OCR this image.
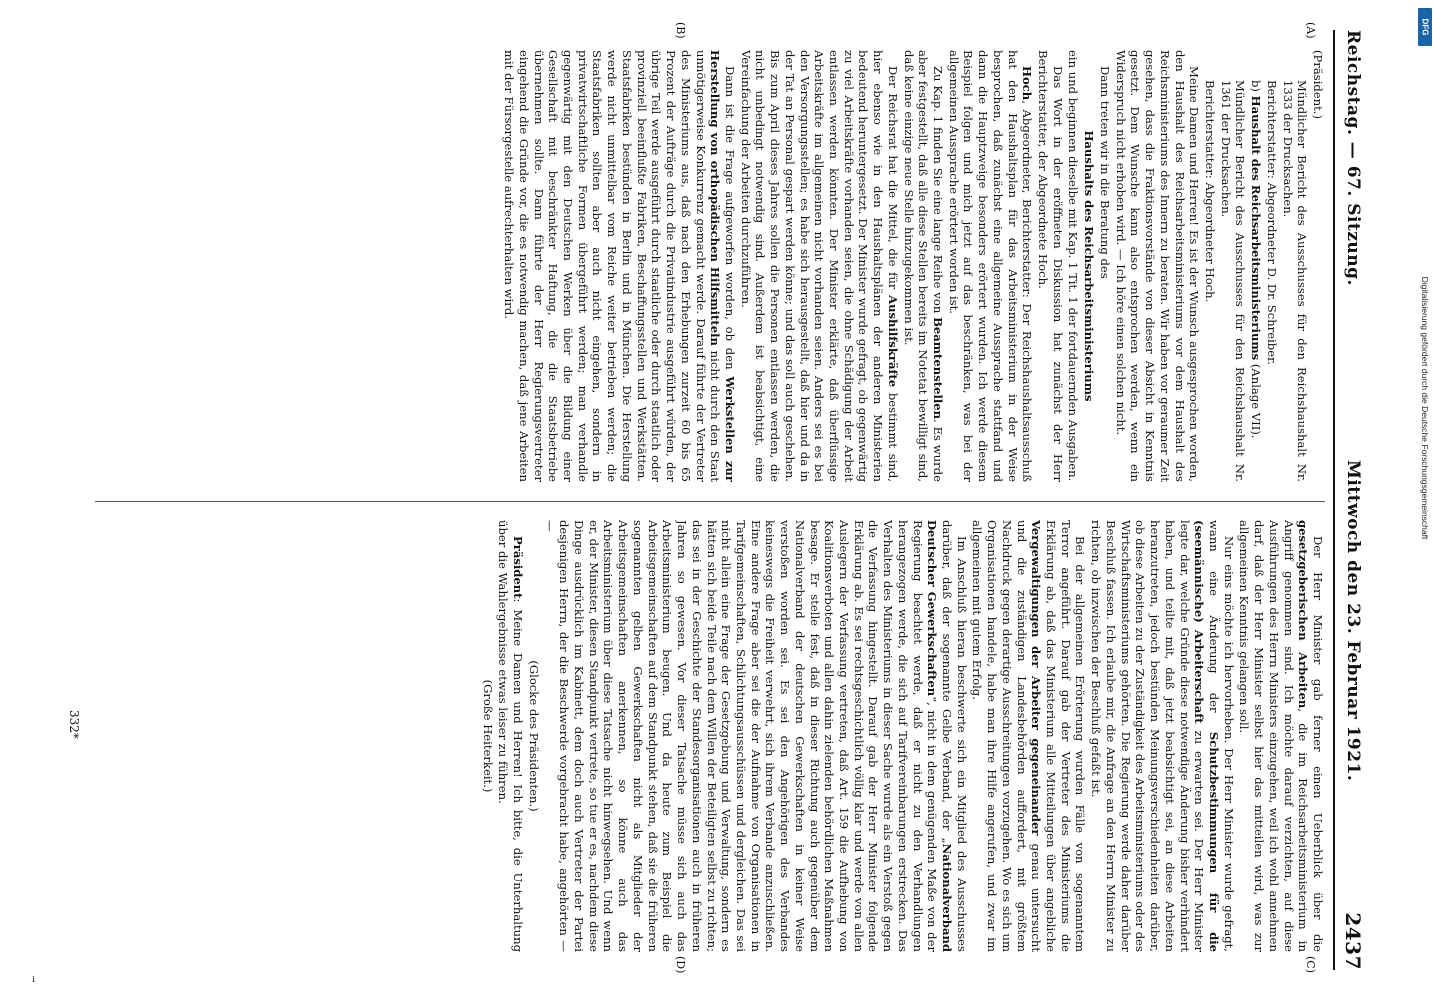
Reichstag. — 67. Sitzung.
Mittwoch den 23. Februar 1921.
2437
(A)
(B)
(C)
(D)

(Präsident.)

Mündlicher Bericht des Ausschusses für den Reichshaushalt Nr. 1333 der Drucksachen.

Berichterstatter: Abgeordneter D. Dr. Schreiber.

b) Haushalt des Reichsarbeitsministeriums (Anlage VII).

Mündlicher Bericht des Ausschusses für den Reichshaushalt Nr. 1361 der Drucksachen.

Berichterstatter: Abgeordneter Hoch.

Meine Damen und Herren! Es ist der Wunsch ausgesprochen worden, den Haushalt des Reichsarbeitsministeriums vor dem Haushalt des Reichsministeriums des Innern zu beraten. Wir haben vor geraumer Zeit gesehen, dass die Fraktionsvorstände von dieser Absicht in Kenntnis gesetzt. Dem Wunsche kann also entsprochen werden, wenn ein Widerspruch nicht erhoben wird. — Ich höre einen solchen nicht.

Dann treten wir in die Beratung des

Haushalts des Reichsarbeitsministeriums

ein und beginnen dieselbe mit Kap. 1 Tit. 1 der fortdauernden Ausgaben.

Das Wort in der eröffneten Diskussion hat zunächst der Herr Berichterstatter, der Abgeordnete Hoch.

Hoch, Abgeordneter, Berichterstatter: Der Reichshaushaltsausschuß hat den Haushaltsplan für das Arbeitsministerium in der Weise besprochen, daß zunächst eine allgemeine Aussprache stattfand und dann die Hauptzweige besonders erörtert wurden. Ich werde diesem Beispiel folgen und mich jetzt auf das beschränken, was bei der allgemeinen Aussprache erörtert worden ist.

Zu Kap. 1 finden Sie eine lange Reihe von Beamtenstellen. Es wurde aber festgestellt, daß alle diese Stellen bereits im Notetat bewilligt sind, daß keine einzige neue Stelle hinzugekommen ist.

Der Reichsrat hat die Mittel, die für Aushilfskräfte bestimmt sind, hier ebenso wie in den Haushaltsplänen der anderen Ministerien bedeutend heruntergesetzt. Der Minister wurde gefragt, ob gegenwärtig zu viel Arbeitskräfte vorhanden seien, die ohne Schädigung der Arbeit entlassen werden könnten. Der Minister erklärte, daß überflüssige Arbeitskräfte im allgemeinen nicht vorhanden seien. Anders sei es bei den Versorgungsstellen; es habe sich herausgestellt, daß hier und da in der Tat an Personal gespart werden könne; und das soll auch geschehen. Bis zum April dieses Jahres sollen die Personen entlassen werden, die nicht unbedingt notwendig sind. Außerdem ist beabsichtigt, eine Vereinfachung der Arbeiten durchzuführen.

Dann ist die Frage aufgeworfen worden, ob den Werkstellen zur Herstellung von orthopädischen Hilfsmitteln nicht durch den Staat unnötigerweise Konkurrenz gemacht werde. Darauf führte der Vertreter des Ministeriums aus, daß nach den Erhebungen zurzeit 60 bis 65 Prozent der Aufträge durch die Privatindustrie ausgeführt würden, der übrige Teil werde ausgeführt durch staatliche oder durch staatlich oder provinziell beeinflußte Fabriken, Beschaffungsstellen und Werkstätten. Staatsfabriken bestünden in Berlin und in München. Die Herstellung werde nicht unmittelbar vom Reiche weiter betrieben werden; die Staatsfabriken sollten aber auch nicht eingehen, sondern in privatwirtschaftliche Formen übergeführt werden; man verhandle gegenwärtig mit den Deutschen Werken über die Bildung einer Gesellschaft mit beschränkter Haftung, die die Staatsbetriebe übernehmen sollte. Dann führte der Herr Regierungsvertreter eingehend die Gründe vor, die es notwendig machen, daß jene Arbeiten mit der Fürsorgestelle aufrechterhalten wird.

Der Herr Minister gab ferner einen Ueberblick über die gesetzgeberischen Arbeiten, die im Reichsarbeitsministerium in Angriff genommen sind. Ich möchte darauf verzichten, auf diese Ausführungen des Herrn Ministers einzugehen, weil ich wohl annehmen darf, daß der Herr Minister selbst hier das mitteilen wird, was zur allgemeinen Kenntnis gelangen soll.

Nur eins möchte ich hervorheben. Der Herr Minister wurde gefragt, wann eine Änderung der Schutzbestimmungen für die (seemännische) Arbeiterschaft zu erwarten sei. Der Herr Minister legte dar, welche Gründe diese notwendige Änderung bisher verhindert haben, und teilte mit, daß jetzt beabsichtigt sei, an diese Arbeiten heranzutreten, jedoch bestünden Meinungsverschiedenheiten darüber, ob diese Arbeiten zu der Zuständigkeit des Arbeitsministeriums oder des Wirtschaftsministeriums gehörten. Die Regierung werde daher darüber Beschluß fassen. Ich erlaube mir, die Anfrage an den Herrn Minister zu richten, ob inzwischen der Beschluß gefaßt ist.

Bei der allgemeinen Erörterung wurden Fälle von sogenanntem Terror angeführt. Darauf gab der Vertreter des Ministeriums die Erklärung ab, daß das Ministerium alle Mitteilungen über angebliche Vergewaltigungen der Arbeiter gegeneinander genau untersucht und die zuständigen Landesbehörden auffordert, mit größtem Nachdruck gegen derartige Ausschreitungen vorzugehen. Wo es sich um Organisationen handele, habe man ihre Hilfe angerufen, und zwar im allgemeinen mit gutem Erfolg.

Im Anschluß hieran beschwerte sich ein Mitglied des Ausschusses darüber, daß der sogenannte Gelbe Verband, der „Nationalverband Deutscher Gewerkschaften“, nicht in dem genügenden Maße von der Regierung beachtet werde, daß er nicht zu den Verhandlungen herangezogen werde, die sich auf Tarifvereinbarungen erstrecken. Das Verhalten des Ministeriums in dieser Sache wurde als ein Verstoß gegen die Verfassung hingestellt. Darauf gab der Herr Minister folgende Erklärung ab. Es sei rechtsgeschichtlich völlig klar und werde von allen Auslegern der Verfassung vertreten, daß Art. 159 die Aufhebung von Koalitionsverboten und allen dahin zielenden behördlichen Maßnahmen besage. Er stelle fest, daß in dieser Richtung auch gegenüber dem Nationalverband der deutschen Gewerkschaften in keiner Weise verstoßen worden sei. Es sei den Angehörigen des Verbandes keineswegs die Freiheit verwehrt, sich ihrem Verbande anzuschließen. Eine andere Frage aber sei die der Aufnahme von Organisationen in Tarifgemeinschaften, Schlichtungsausschüssen und dergleichen. Das sei nicht allein eine Frage der Gesetzgebung und Verwaltung, sondern es hätten sich beide Teile nach dem Willen der Beteiligten selbst zu richten; das sei in der Geschichte der Standesorganisationen auch in früheren Jahren so gewesen. Vor dieser Tatsache müsse sich auch das Arbeitsministerium beugen. Und da heute zum Beispiel die Arbeitsgemeinschaften auf dem Standpunkt stehen, daß sie die früheren sogenannten gelben Gewerkschaften nicht als Mitglieder der Arbeitsgemeinschaften anerkennen, so könne auch das Arbeitsministerium über diese Tatsache nicht hinwegsehen. Und wenn er, der Minister, diesen Standpunkt vertrete, so tue er es, nachdem diese Dinge ausdrücklich im Kabinett, dem doch auch Vertreter der Partei desjenigen Herrn, der die Beschwerde vorgebracht habe, angehörten — —

(Glocke des Präsidenten.)

Präsident: Meine Damen und Herren! Ich bitte, die Unterhaltung über die Wahlergebnisse etwas leiser zu führen.

(Große Heiterkeit.)

332*
DFG
Digitalisierung gefördert durch die Deutsche Forschungsgemeinschaft
ı
